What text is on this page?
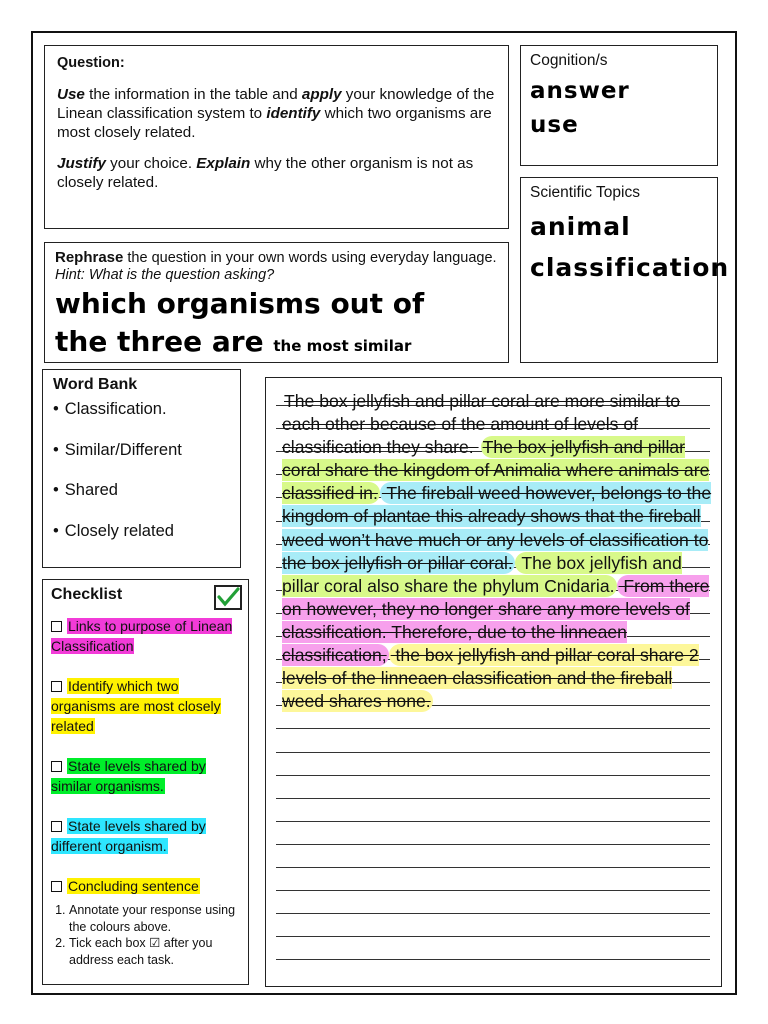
Question:

Use the information in the table and apply your knowledge of the Linean classification system to identify which two organisms are most closely related.

Justify your choice. Explain why the other organism is not as closely related.

Cognition/s
answer
use
Scientific Topics
animal
classification
Rephrase the question in your own words using everyday language. Hint: What is the question asking?
which organisms out of
the three are the most similar
Word Bank
• Classification.
• Similar/Different
• Shared
• Closely related
Checklist
Links to purpose of Linean Classification
Identify which two organisms are most closely related
State levels shared by similar organisms.
State levels shared by different organism.
Concluding sentence
1. Annotate your response using the colours above.
2. Tick each box ☑ after you address each task.
The box jellyfish and pillar coral are more similar to each other because of the amount of levels of classification they share. The box jellyfish and pillar coral share the kingdom of Animalia where animals are classified in. The fireball weed however, belongs to the kingdom of plantae this already shows that the fireball weed won’t have much or any levels of classification to the box jellyfish or pillar coral. The box jellyfish and pillar coral also share the phylum Cnidaria. From there on however, they no longer share any more levels of classification. Therefore, due to the linneaen classification, the box jellyfish and pillar coral share 2 levels of the linneaen classification and the fireball weed shares none.
